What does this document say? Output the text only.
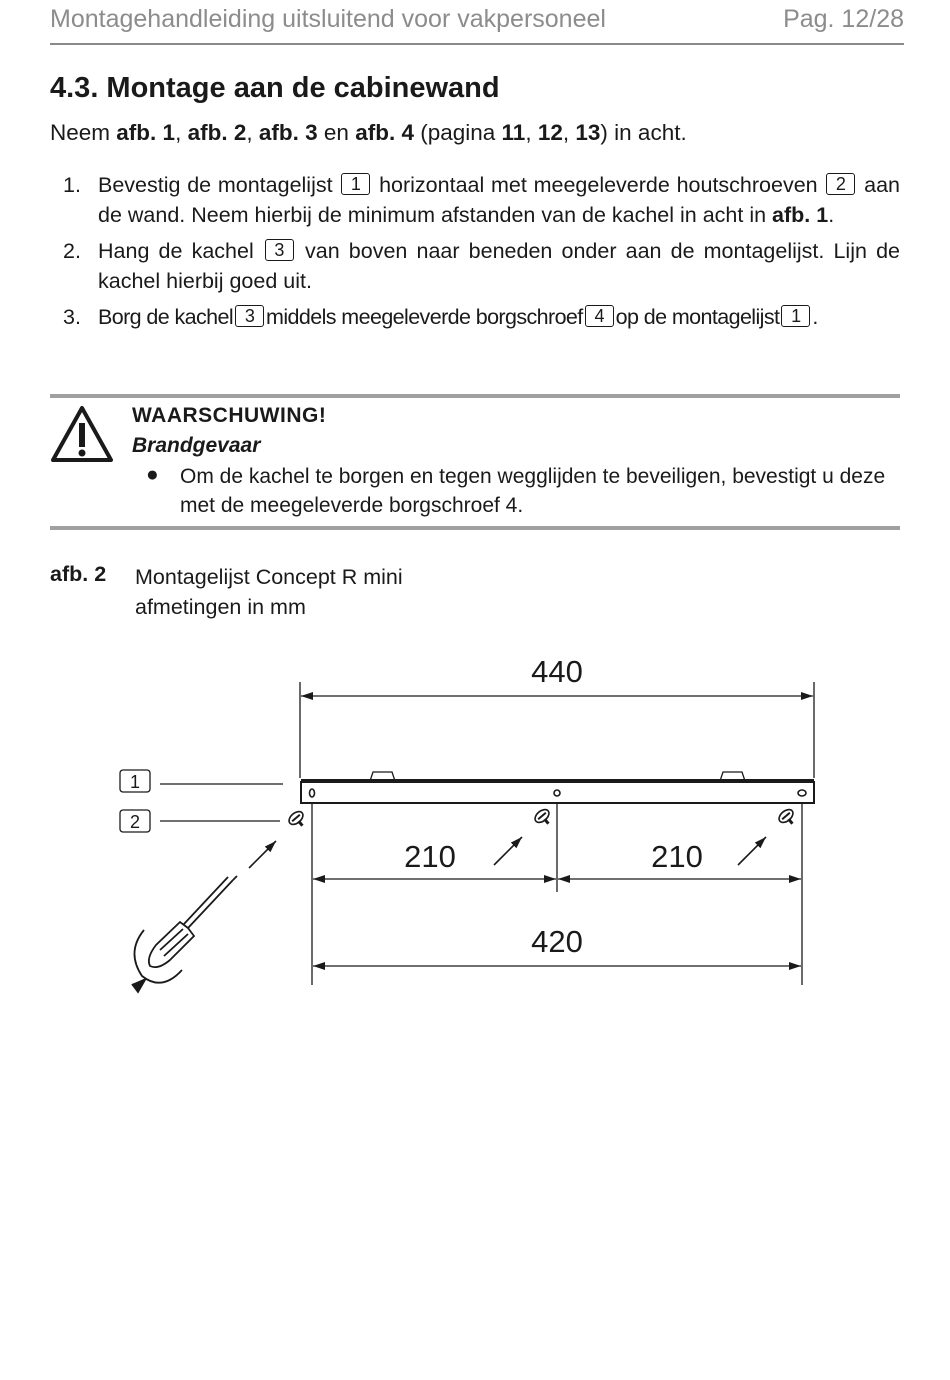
Montagehandleiding uitsluitend voor vakpersoneel	Pag. 12/28
4.3. Montage aan de cabinewand

Neem afb. 1, afb. 2, afb. 3 en afb. 4 (pagina 11, 12, 13) in acht.

1. Bevestig de montagelijst 1 horizontaal met meegeleverde houtschroeven 2 aan de wand. Neem hierbij de minimum afstanden van de kachel in acht in afb. 1.
2. Hang de kachel 3 van boven naar beneden onder aan de montagelijst. Lijn de kachel hierbij goed uit.
3. Borg de kachel 3 middels meegeleverde borgschroef 4 op de montagelijst 1 .
WAARSCHUWING!
Brandgevaar
● Om de kachel te borgen en tegen wegglijden te beveiligen, bevestigt u deze met de meegeleverde borgschroef 4.
afb. 2 Montagelijst Concept R mini
afmetingen in mm
440
210	210
420
1
2
